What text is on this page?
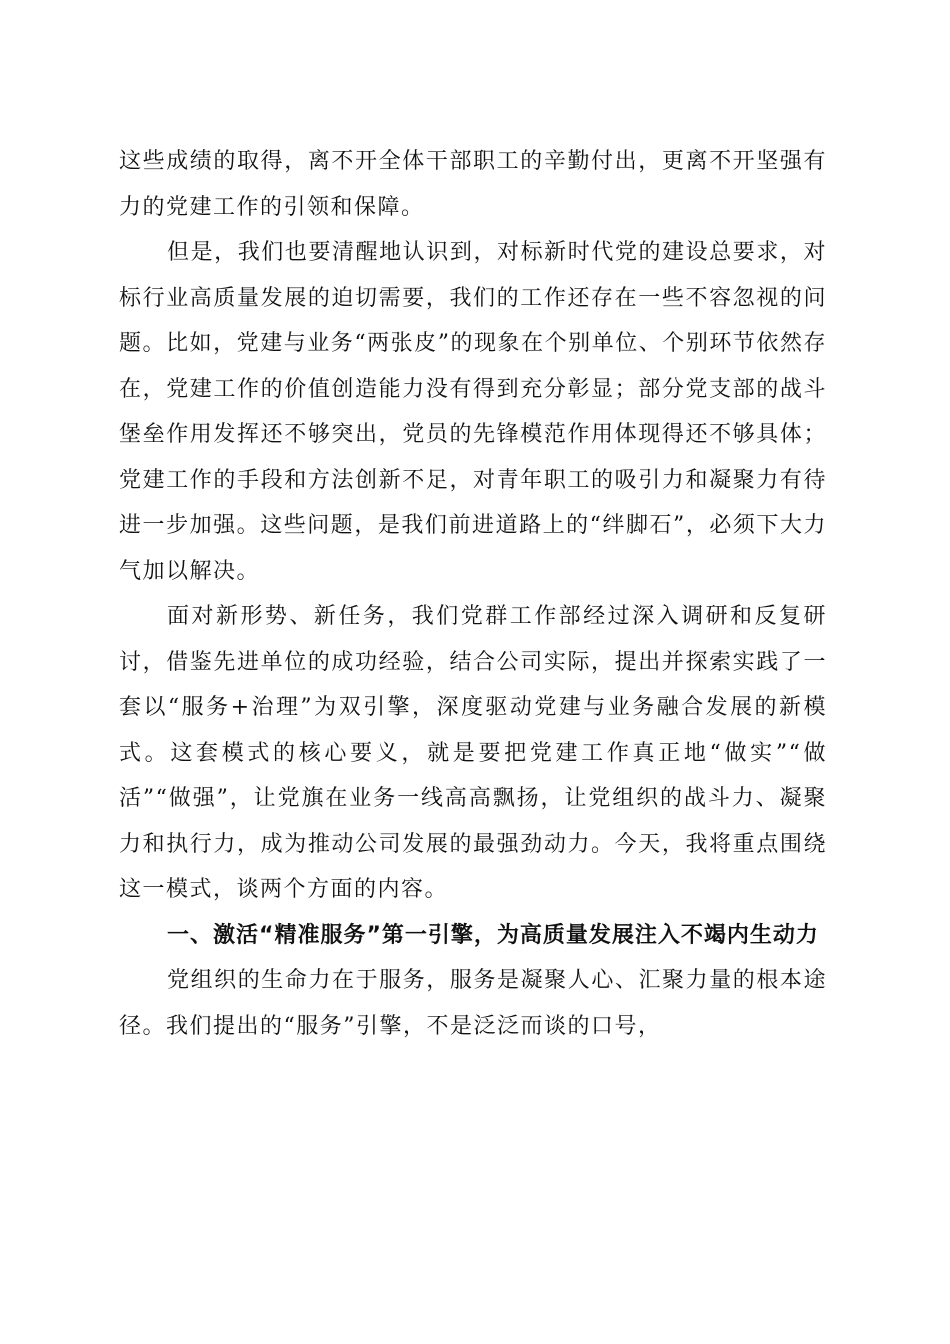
这些成绩的取得，离不开全体干部职工的辛勤付出，更离不开坚强有力的党建工作的引领和保障。

但是，我们也要清醒地认识到，对标新时代党的建设总要求，对标行业高质量发展的迫切需要，我们的工作还存在一些不容忽视的问题。比如，党建与业务“两张皮”的现象在个别单位、个别环节依然存在，党建工作的价值创造能力没有得到充分彰显；部分党支部的战斗堡垒作用发挥还不够突出，党员的先锋模范作用体现得还不够具体；党建工作的手段和方法创新不足，对青年职工的吸引力和凝聚力有待进一步加强。这些问题，是我们前进道路上的“绊脚石”，必须下大力气加以解决。

面对新形势、新任务，我们党群工作部经过深入调研和反复研讨，借鉴先进单位的成功经验，结合公司实际，提出并探索实践了一套以“服务+治理”为双引擎，深度驱动党建与业务融合发展的新模式。这套模式的核心要义，就是要把党建工作真正地“做实”“做活”“做强”，让党旗在业务一线高高飘扬，让党组织的战斗力、凝聚力和执行力，成为推动公司发展的最强劲动力。今天，我将重点围绕这一模式，谈两个方面的内容。

一、激活“精准服务”第一引擎，为高质量发展注入不竭内生动力

党组织的生命力在于服务，服务是凝聚人心、汇聚力量的根本途径。我们提出的“服务”引擎，不是泛泛而谈的口号，
